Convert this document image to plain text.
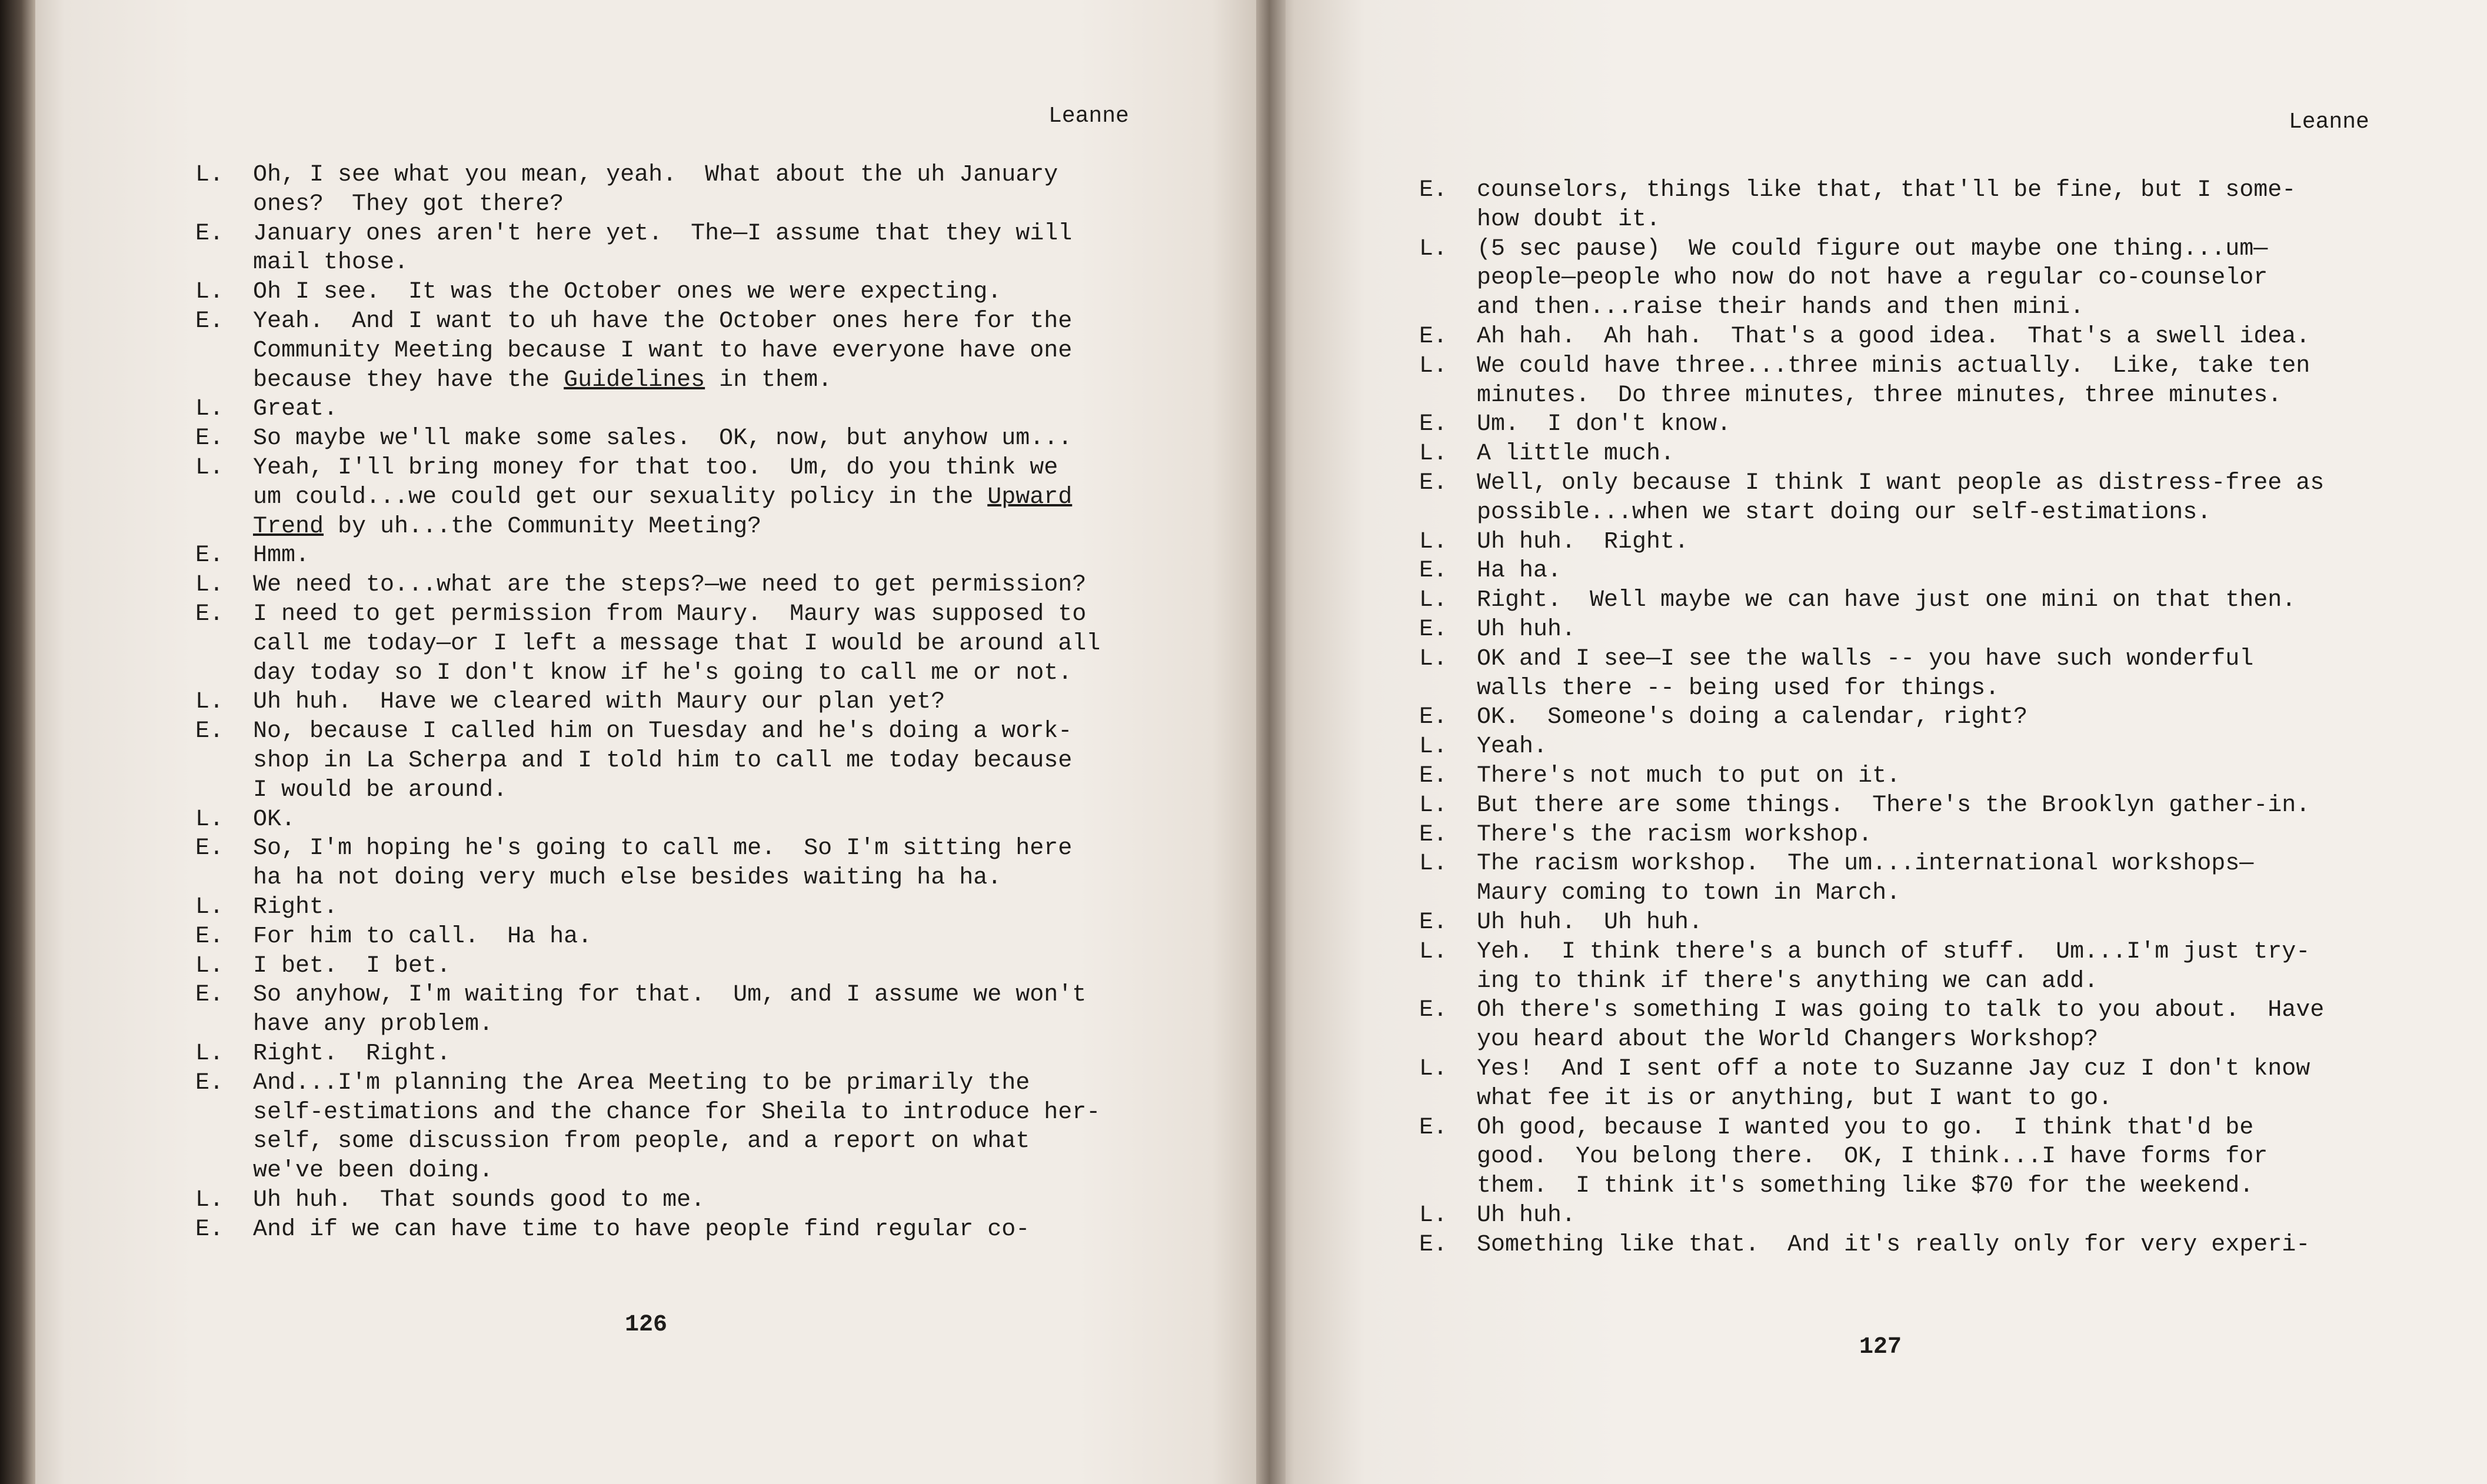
Leanne	Leanne
L. Oh, I see what you mean, yeah.  What about the uh January
ones?  They got there?
E. January ones aren't here yet.  The—I assume that they will
mail those.
L. Oh I see.  It was the October ones we were expecting.
E. Yeah.  And I want to uh have the October ones here for the
Community Meeting because I want to have everyone have one
because they have the Guidelines in them.
L. Great.
E. So maybe we'll make some sales.  OK, now, but anyhow um...
L. Yeah, I'll bring money for that too.  Um, do you think we
um could...we could get our sexuality policy in the Upward
Trend by uh...the Community Meeting?
E. Hmm.
L. We need to...what are the steps?—we need to get permission?
E. I need to get permission from Maury.  Maury was supposed to
call me today—or I left a message that I would be around all
day today so I don't know if he's going to call me or not.
L. Uh huh.  Have we cleared with Maury our plan yet?
E. No, because I called him on Tuesday and he's doing a work-
shop in La Scherpa and I told him to call me today because
I would be around.
L. OK.
E. So, I'm hoping he's going to call me.  So I'm sitting here
ha ha not doing very much else besides waiting ha ha.
L. Right.
E. For him to call.  Ha ha.
L. I bet.  I bet.
E. So anyhow, I'm waiting for that.  Um, and I assume we won't
have any problem.
L. Right.  Right.
E. And...I'm planning the Area Meeting to be primarily the
self-estimations and the chance for Sheila to introduce her-
self, some discussion from people, and a report on what
we've been doing.
L. Uh huh.  That sounds good to me.
E. And if we can have time to have people find regular co-
E. counselors, things like that, that'll be fine, but I some-
how doubt it.
L. (5 sec pause)  We could figure out maybe one thing...um—
people—people who now do not have a regular co-counselor
and then...raise their hands and then mini.
E. Ah hah.  Ah hah.  That's a good idea.  That's a swell idea.
L. We could have three...three minis actually.  Like, take ten
minutes.  Do three minutes, three minutes, three minutes.
E. Um.  I don't know.
L. A little much.
E. Well, only because I think I want people as distress-free as
possible...when we start doing our self-estimations.
L. Uh huh.  Right.
E. Ha ha.
L. Right.  Well maybe we can have just one mini on that then.
E. Uh huh.
L. OK and I see—I see the walls -- you have such wonderful
walls there -- being used for things.
E. OK.  Someone's doing a calendar, right?
L. Yeah.
E. There's not much to put on it.
L. But there are some things.  There's the Brooklyn gather-in.
E. There's the racism workshop.
L. The racism workshop.  The um...international workshops—
Maury coming to town in March.
E. Uh huh.  Uh huh.
L. Yeh.  I think there's a bunch of stuff.  Um...I'm just try-
ing to think if there's anything we can add.
E. Oh there's something I was going to talk to you about.  Have
you heard about the World Changers Workshop?
L. Yes!  And I sent off a note to Suzanne Jay cuz I don't know
what fee it is or anything, but I want to go.
E. Oh good, because I wanted you to go.  I think that'd be
good.  You belong there.  OK, I think...I have forms for
them.  I think it's something like $70 for the weekend.
L. Uh huh.
E. Something like that.  And it's really only for very experi-
126
127
